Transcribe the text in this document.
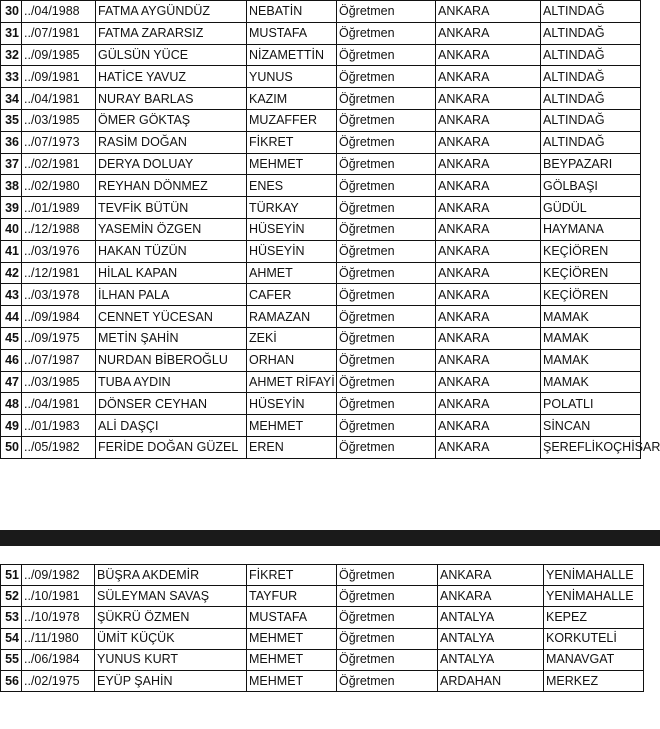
30	../04/1988	FATMA AYGÜNDÜZ	NEBATİN	Öğretmen	ANKARA	ALTINDAĞ
31	../07/1981	FATMA ZARARSIZ	MUSTAFA	Öğretmen	ANKARA	ALTINDAĞ
32	../09/1985	GÜLSÜN YÜCE	NİZAMETTİN	Öğretmen	ANKARA	ALTINDAĞ
33	../09/1981	HATİCE YAVUZ	YUNUS	Öğretmen	ANKARA	ALTINDAĞ
34	../04/1981	NURAY BARLAS	KAZIM	Öğretmen	ANKARA	ALTINDAĞ
35	../03/1985	ÖMER GÖKTAŞ	MUZAFFER	Öğretmen	ANKARA	ALTINDAĞ
36	../07/1973	RASİM DOĞAN	FİKRET	Öğretmen	ANKARA	ALTINDAĞ
37	../02/1981	DERYA DOLUAY	MEHMET	Öğretmen	ANKARA	BEYPAZARI
38	../02/1980	REYHAN DÖNMEZ	ENES	Öğretmen	ANKARA	GÖLBAŞI
39	../01/1989	TEVFİK BÜTÜN	TÜRKAY	Öğretmen	ANKARA	GÜDÜL
40	../12/1988	YASEMİN ÖZGEN	HÜSEYİN	Öğretmen	ANKARA	HAYMANA
41	../03/1976	HAKAN TÜZÜN	HÜSEYİN	Öğretmen	ANKARA	KEÇİÖREN
42	../12/1981	HİLAL KAPAN	AHMET	Öğretmen	ANKARA	KEÇİÖREN
43	../03/1978	İLHAN PALA	CAFER	Öğretmen	ANKARA	KEÇİÖREN
44	../09/1984	CENNET YÜCESAN	RAMAZAN	Öğretmen	ANKARA	MAMAK
45	../09/1975	METİN ŞAHİN	ZEKİ	Öğretmen	ANKARA	MAMAK
46	../07/1987	NURDAN BİBEROĞLU	ORHAN	Öğretmen	ANKARA	MAMAK
47	../03/1985	TUBA AYDIN	AHMET RİFAYİ	Öğretmen	ANKARA	MAMAK
48	../04/1981	DÖNSER CEYHAN	HÜSEYİN	Öğretmen	ANKARA	POLATLI
49	../01/1983	ALİ DAŞÇI	MEHMET	Öğretmen	ANKARA	SİNCAN
50	../05/1982	FERİDE DOĞAN GÜZEL	EREN	Öğretmen	ANKARA	ŞEREFLİKOÇHİSAR
51	../09/1982	BÜŞRA AKDEMİR	FİKRET	Öğretmen	ANKARA	YENİMAHALLE
52	../10/1981	SÜLEYMAN SAVAŞ	TAYFUR	Öğretmen	ANKARA	YENİMAHALLE
53	../10/1978	ŞÜKRÜ ÖZMEN	MUSTAFA	Öğretmen	ANTALYA	KEPEZ
54	../11/1980	ÜMİT KÜÇÜK	MEHMET	Öğretmen	ANTALYA	KORKUTELİ
55	../06/1984	YUNUS KURT	MEHMET	Öğretmen	ANTALYA	MANAVGAT
56	../02/1975	EYÜP ŞAHİN	MEHMET	Öğretmen	ARDAHAN	MERKEZ
